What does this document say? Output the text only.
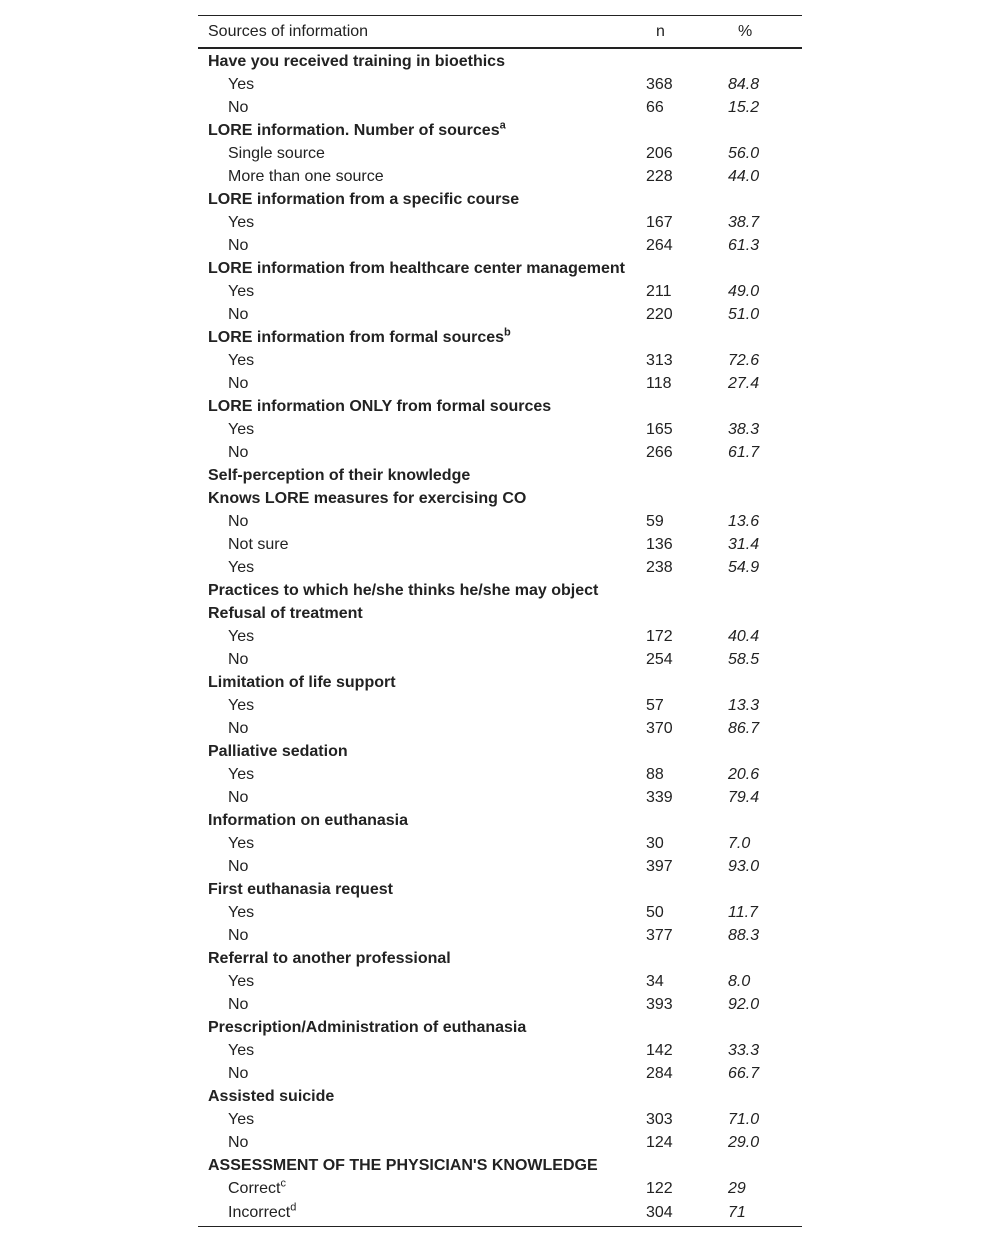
Sources of information	n	%
Have you received training in bioethics		
Yes	368	84.8
No	66	15.2
LORE information. Number of sources$^a$		
Single source	206	56.0
More than one source	228	44.0
LORE information from a specific course		
Yes	167	38.7
No	264	61.3
LORE information from healthcare center management		
Yes	211	49.0
No	220	51.0
LORE information from formal sources$^b$		
Yes	313	72.6
No	118	27.4
LORE information ONLY from formal sources		
Yes	165	38.3
No	266	61.7
Self-perception of their knowledge		
Knows LORE measures for exercising CO		
No	59	13.6
Not sure	136	31.4
Yes	238	54.9
Practices to which he/she thinks he/she may object		
Refusal of treatment		
Yes	172	40.4
No	254	58.5
Limitation of life support		
Yes	57	13.3
No	370	86.7
Palliative sedation		
Yes	88	20.6
No	339	79.4
Information on euthanasia		
Yes	30	7.0
No	397	93.0
First euthanasia request		
Yes	50	11.7
No	377	88.3
Referral to another professional		
Yes	34	8.0
No	393	92.0
Prescription/Administration of euthanasia		
Yes	142	33.3
No	284	66.7
Assisted suicide		
Yes	303	71.0
No	124	29.0
ASSESSMENT OF THE PHYSICIAN'S KNOWLEDGE		
Correct$^c$	122	29
Incorrect$^d$	304	71
